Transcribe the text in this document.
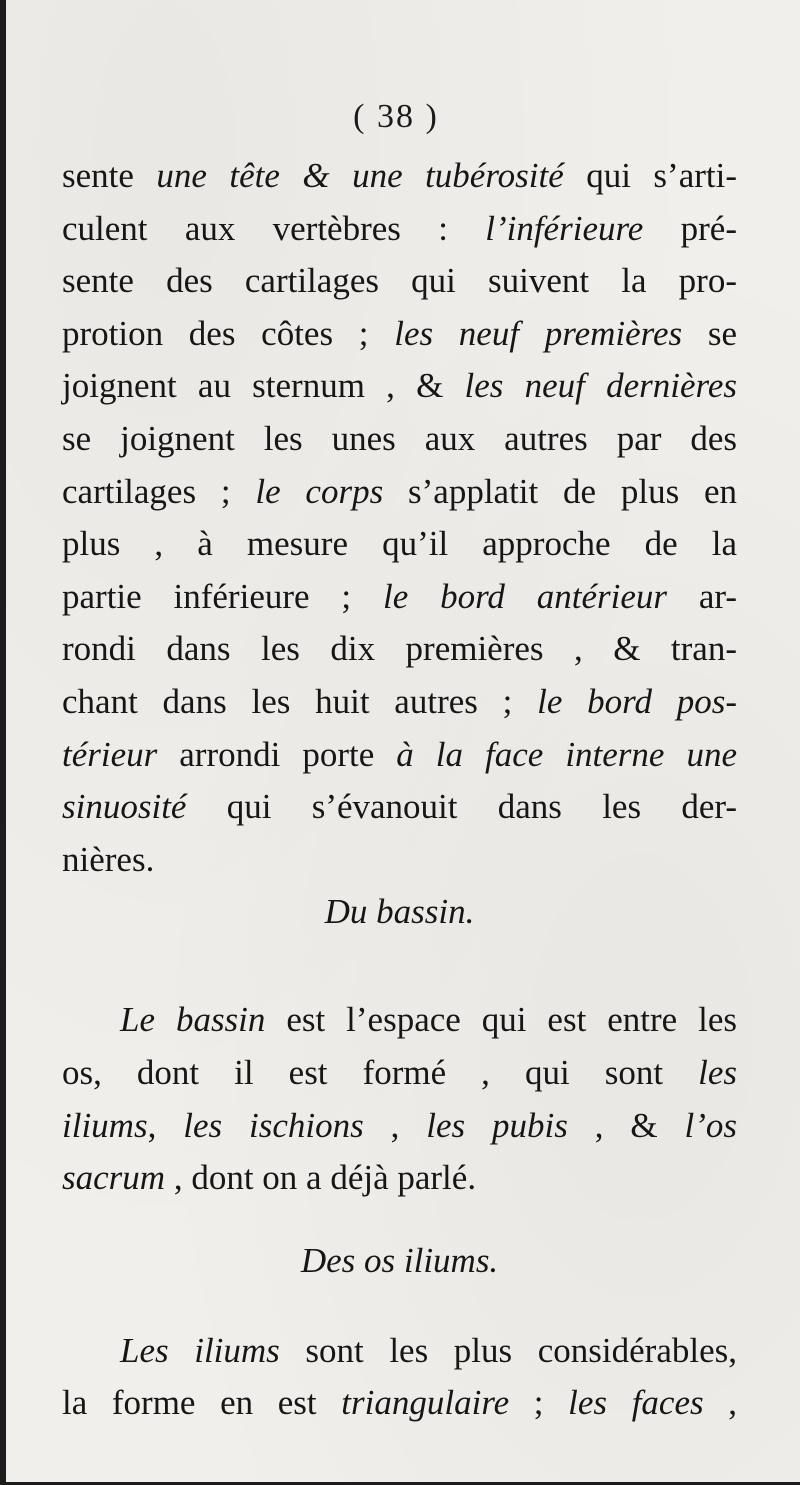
( 38 )
sente une tête & une tubérosité qui s’arti-
culent aux vertèbres : l’inférieure pré-
sente des cartilages qui suivent la pro-
protion des côtes ; les neuf premières se
joignent au sternum , & les neuf dernières
se joignent les unes aux autres par des
cartilages ; le corps s’applatit de plus en
plus , à mesure qu’il approche de la
partie inférieure ; le bord antérieur ar-
rondi dans les dix premières , & tran-
chant dans les huit autres ; le bord pos-
térieur arrondi porte à la face interne une
sinuosité qui s’évanouit dans les der-
nières.
Du bassin.
Le bassin est l’espace qui est entre les
os, dont il est formé , qui sont les
iliums, les ischions , les pubis , & l’os
sacrum , dont on a déjà parlé.
Des os iliums.
Les iliums sont les plus considérables,
la forme en est triangulaire ; les faces ,
